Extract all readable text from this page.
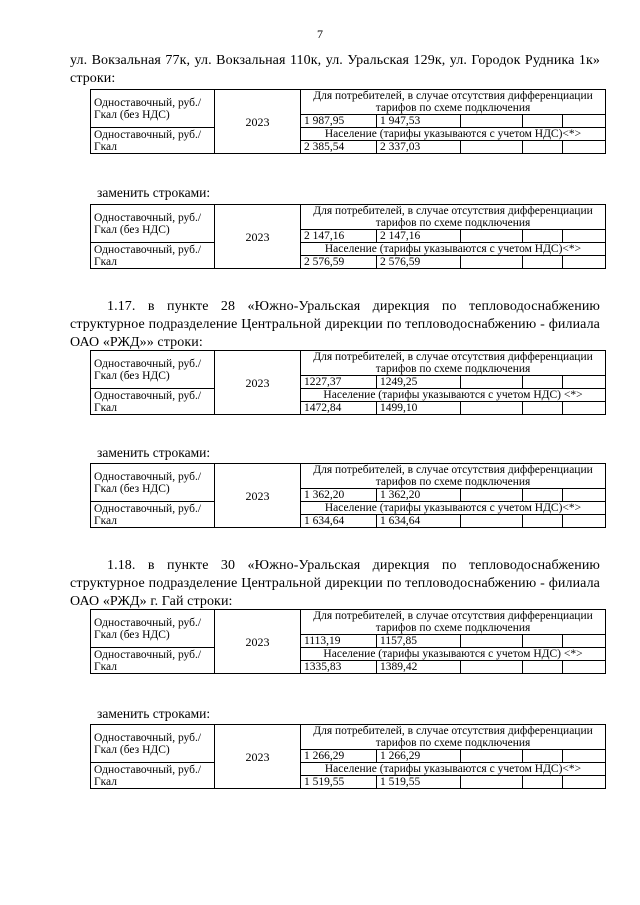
7
ул. Вокзальная 77к, ул. Вокзальная 110к, ул. Уральская 129к, ул. Городок Рудника 1к» строки:
Одноставочный, руб./Гкал (без НДС)	2023	Для потребителей, в случае отсутствия дифференциации тарифов по схеме подключения				
		1 987,95	1 947,53			
Одноставочный, руб./Гкал		Население (тарифы указываются с учетом НДС)<*>				
		2 385,54	2 337,03			
Одноставочный, руб./Гкал (без НДС)	2023	Для потребителей, в случае отсутствия дифференциации тарифов по схеме подключения				
		2 147,16	2 147,16			
Одноставочный, руб./Гкал		Население (тарифы указываются с учетом НДС)<*>				
		2 576,59	2 576,59			
Одноставочный, руб./Гкал (без НДС)	2023	Для потребителей, в случае отсутствия дифференциации тарифов по схеме подключения				
		1227,37	1249,25			
Одноставочный, руб./Гкал		Население (тарифы указываются с учетом НДС) <*>				
		1472,84	1499,10			
Одноставочный, руб./Гкал (без НДС)	2023	Для потребителей, в случае отсутствия дифференциации тарифов по схеме подключения				
		1 362,20	1 362,20			
Одноставочный, руб./Гкал		Население (тарифы указываются с учетом НДС)<*>				
		1 634,64	1 634,64			
Одноставочный, руб./Гкал (без НДС)	2023	Для потребителей, в случае отсутствия дифференциации тарифов по схеме подключения				
		1113,19	1157,85			
Одноставочный, руб./Гкал		Население (тарифы указываются с учетом НДС) <*>				
		1335,83	1389,42			
Одноставочный, руб./Гкал (без НДС)	2023	Для потребителей, в случае отсутствия дифференциации тарифов по схеме подключения				
		1 266,29	1 266,29			
Одноставочный, руб./Гкал		Население (тарифы указываются с учетом НДС)<*>				
		1 519,55	1 519,55			
заменить строками:
1.17. в пункте 28 «Южно-Уральская дирекция по тепловодоснабжению структурное подразделение Центральной дирекции по тепловодоснабжению - филиала ОАО «РЖД»» строки:
заменить строками:
1.18. в пункте 30 «Южно-Уральская дирекция по тепловодоснабжению структурное подразделение Центральной дирекции по тепловодоснабжению - филиала ОАО «РЖД» г. Гай строки:
заменить строками:
